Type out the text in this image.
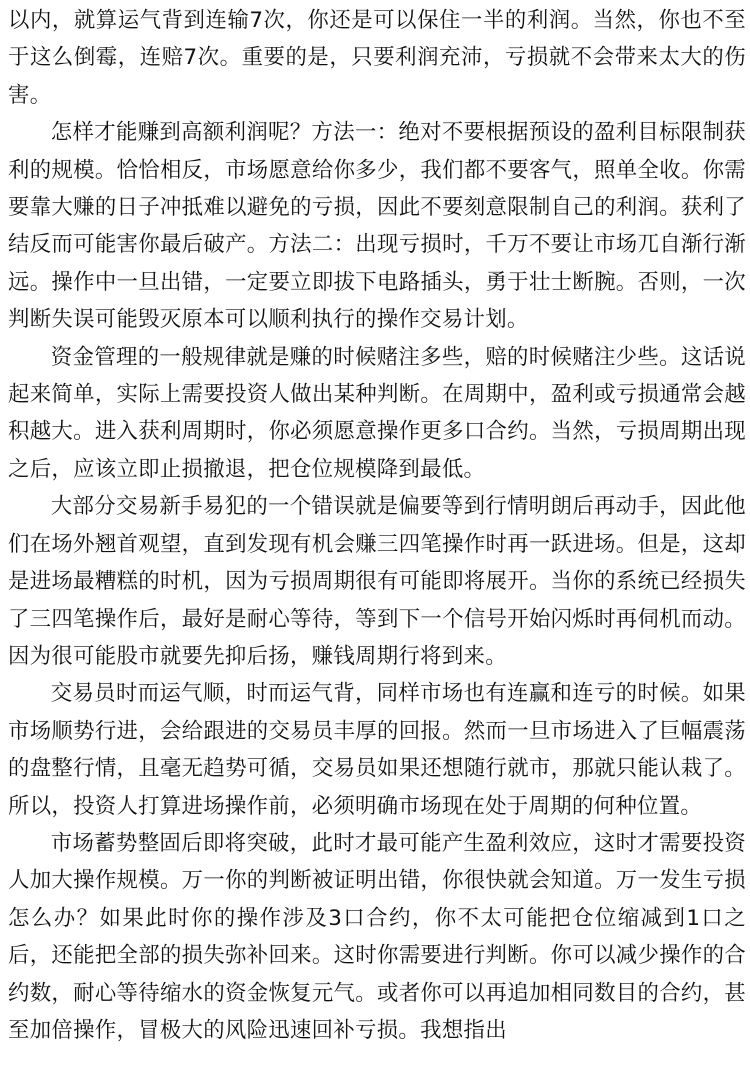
以内，就算运气背到连输7次，你还是可以保住一半的利润。当然，你也不至于这么倒霉，连赔7次。重要的是，只要利润充沛，亏损就不会带来太大的伤害。

怎样才能赚到高额利润呢？方法一：绝对不要根据预设的盈利目标限制获利的规模。恰恰相反，市场愿意给你多少，我们都不要客气，照单全收。你需要靠大赚的日子冲抵难以避免的亏损，因此不要刻意限制自己的利润。获利了结反而可能害你最后破产。方法二：出现亏损时，千万不要让市场兀自渐行渐远。操作中一旦出错，一定要立即拔下电路插头，勇于壮士断腕。否则，一次判断失误可能毁灭原本可以顺利执行的操作交易计划。

资金管理的一般规律就是赚的时候赌注多些，赔的时候赌注少些。这话说起来简单，实际上需要投资人做出某种判断。在周期中，盈利或亏损通常会越积越大。进入获利周期时，你必须愿意操作更多口合约。当然，亏损周期出现之后，应该立即止损撤退，把仓位规模降到最低。

大部分交易新手易犯的一个错误就是偏要等到行情明朗后再动手，因此他们在场外翘首观望，直到发现有机会赚三四笔操作时再一跃进场。但是，这却是进场最糟糕的时机，因为亏损周期很有可能即将展开。当你的系统已经损失了三四笔操作后，最好是耐心等待，等到下一个信号开始闪烁时再伺机而动。因为很可能股市就要先抑后扬，赚钱周期行将到来。

交易员时而运气顺，时而运气背，同样市场也有连赢和连亏的时候。如果市场顺势行进，会给跟进的交易员丰厚的回报。然而一旦市场进入了巨幅震荡的盘整行情，且毫无趋势可循，交易员如果还想随行就市，那就只能认栽了。所以，投资人打算进场操作前，必须明确市场现在处于周期的何种位置。

市场蓄势整固后即将突破，此时才最可能产生盈利效应，这时才需要投资人加大操作规模。万一你的判断被证明出错，你很快就会知道。万一发生亏损怎么办？如果此时你的操作涉及3口合约，你不太可能把仓位缩减到1口之后，还能把全部的损失弥补回来。这时你需要进行判断。你可以减少操作的合约数，耐心等待缩水的资金恢复元气。或者你可以再追加相同数目的合约，甚至加倍操作，冒极大的风险迅速回补亏损。我想指出
